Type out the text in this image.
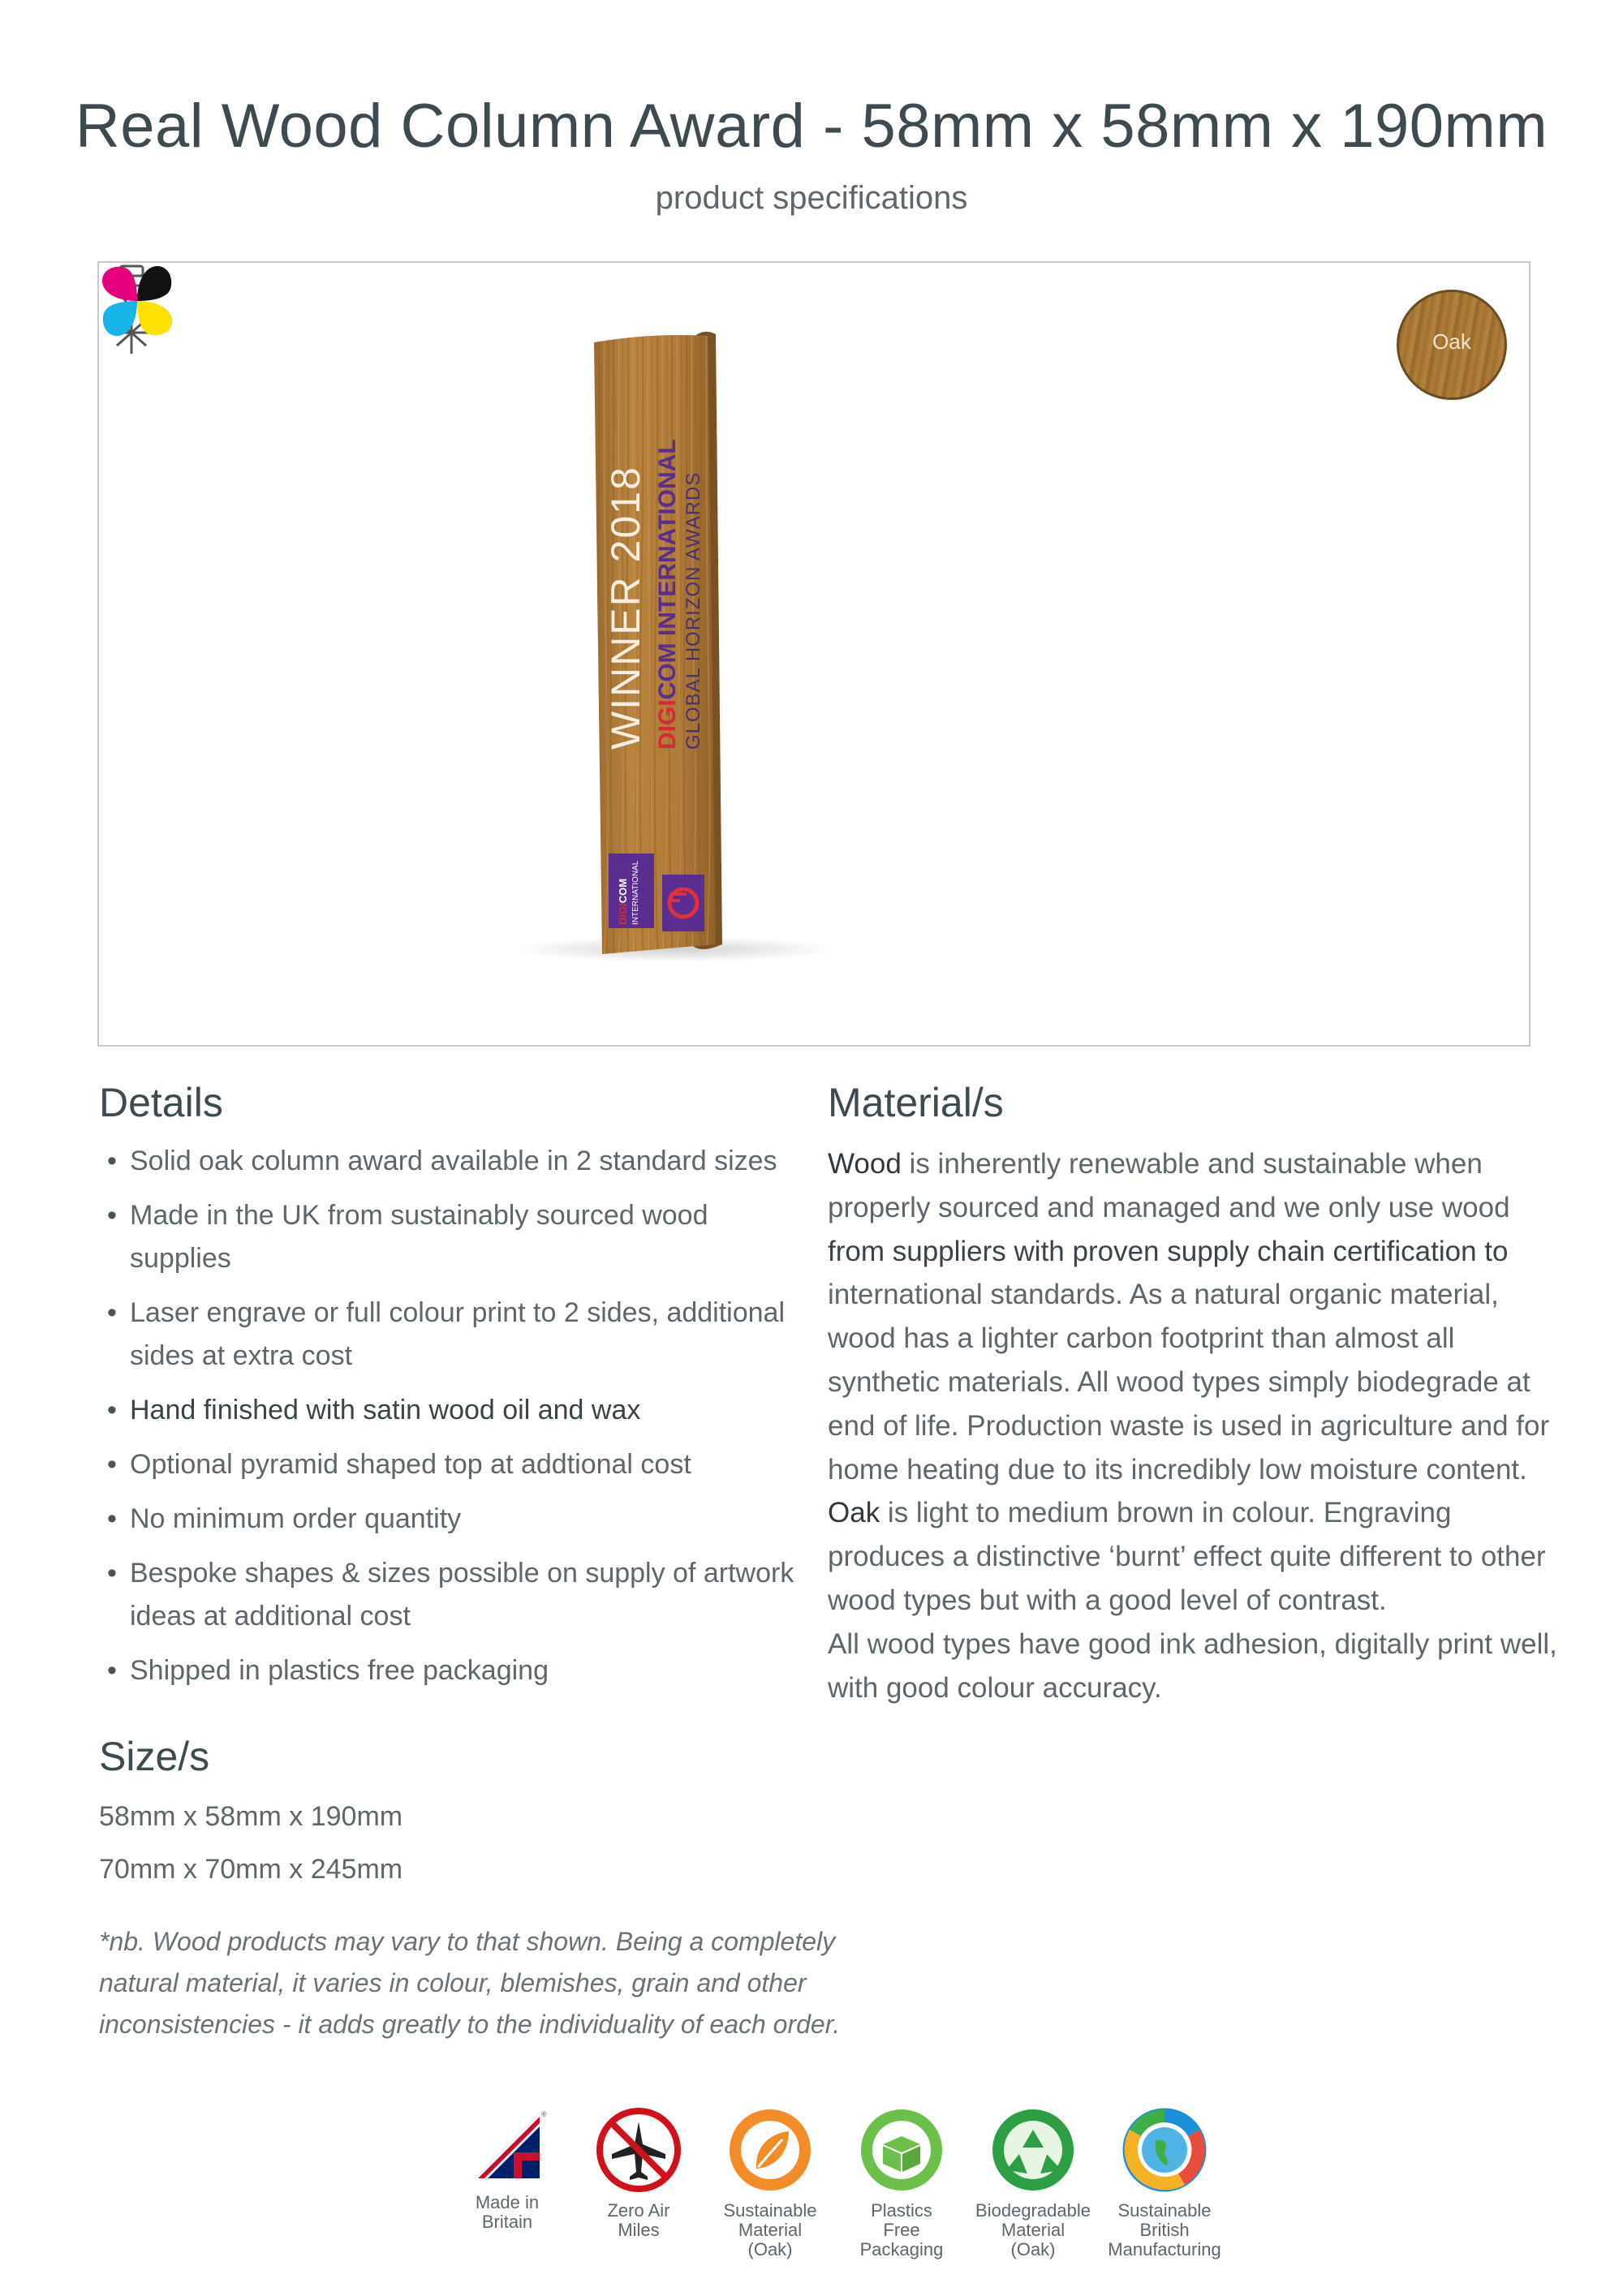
Real Wood Column Award - 58mm x 58mm x 190mm

product specifications

WINNER 2018 DIGICOM INTERNATIONAL GLOBAL HORIZON AWARDS
DIGICOM INTERNATIONAL
Oak
Details
• Solid oak column award available in 2 standard sizes
• Made in the UK from sustainably sourced wood supplies
• Laser engrave or full colour print to 2 sides, additional sides at extra cost
• Hand finished with satin wood oil and wax
• Optional pyramid shaped top at addtional cost
• No minimum order quantity
• Bespoke shapes & sizes possible on supply of artwork ideas at additional cost
• Shipped in plastics free packaging
Size/s

58mm x 58mm x 190mm

70mm x 70mm x 245mm

*nb. Wood products may vary to that shown. Being a completely natural material, it varies in colour, blemishes, grain and other inconsistencies - it adds greatly to the individuality of each order.

Material/s

Wood is inherently renewable and sustainable when properly sourced and managed and we only use wood from suppliers with proven supply chain certification to international standards. As a natural organic material, wood has a lighter carbon footprint than almost all synthetic materials. All wood types simply biodegrade at end of life. Production waste is used in agriculture and for home heating due to its incredibly low moisture content.
Oak is light to medium brown in colour. Engraving produces a distinctive ‘burnt’ effect quite different to other wood types but with a good level of contrast.
All wood types have good ink adhesion, digitally print well, with good colour accuracy.

®
Made in
Britain
Zero Air
Miles
Sustainable
Material
(Oak)
Plastics
Free
Packaging
Biodegradable
Material
(Oak)
Sustainable
British
Manufacturing
